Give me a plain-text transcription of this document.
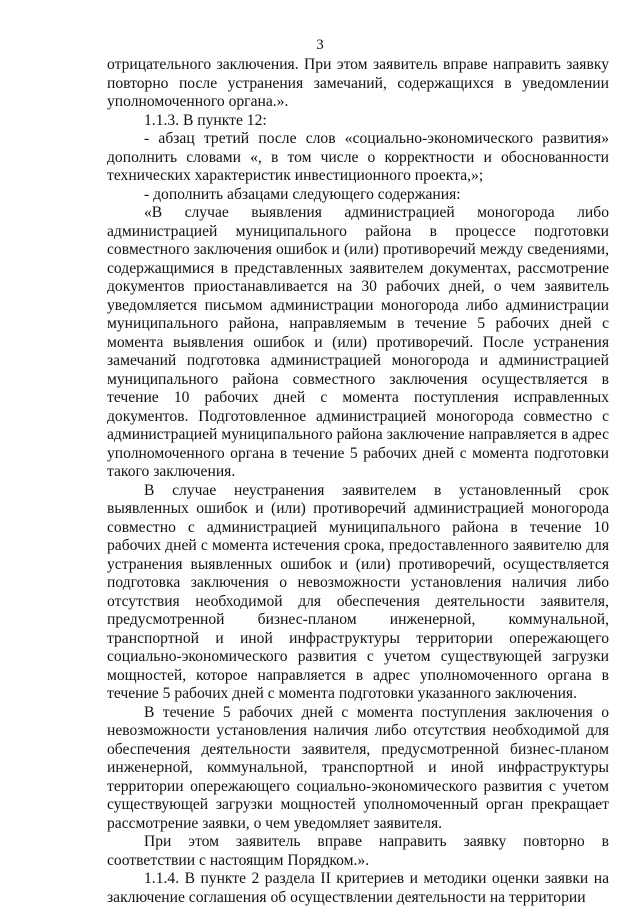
3

отрицательного заключения. При этом заявитель вправе направить заявку повторно после устранения замечаний, содержащихся в уведомлении уполномоченного органа.».

1.1.3. В пункте 12:

- абзац третий после слов «социально-экономического развития» дополнить словами «, в том числе о корректности и обоснованности технических характеристик инвестиционного проекта,»;

- дополнить абзацами следующего содержания:

«В случае выявления администрацией моногорода либо администрацией муниципального района в процессе подготовки совместного заключения ошибок и (или) противоречий между сведениями, содержащимися в представленных заявителем документах, рассмотрение документов приостанавливается на 30 рабочих дней, о чем заявитель уведомляется письмом администрации моногорода либо администрации муниципального района, направляемым в течение 5 рабочих дней с момента выявления ошибок и (или) противоречий. После устранения замечаний подготовка администрацией моногорода и администрацией муниципального района совместного заключения осуществляется в течение 10 рабочих дней с момента поступления исправленных документов. Подготовленное администрацией моногорода совместно с администрацией муниципального района заключение направляется в адрес уполномоченного органа в течение 5 рабочих дней с момента подготовки такого заключения.

В случае неустранения заявителем в установленный срок выявленных ошибок и (или) противоречий администрацией моногорода совместно с администрацией муниципального района в течение 10 рабочих дней с момента истечения срока, предоставленного заявителю для устранения выявленных ошибок и (или) противоречий, осуществляется подготовка заключения о невозможности установления наличия либо отсутствия необходимой для обеспечения деятельности заявителя, предусмотренной бизнес-планом инженерной, коммунальной, транспортной и иной инфраструктуры территории опережающего социально-экономического развития с учетом существующей загрузки мощностей, которое направляется в адрес уполномоченного органа в течение 5 рабочих дней с момента подготовки указанного заключения.

В течение 5 рабочих дней с момента поступления заключения о невозможности установления наличия либо отсутствия необходимой для обеспечения деятельности заявителя, предусмотренной бизнес-планом инженерной, коммунальной, транспортной и иной инфраструктуры территории опережающего социально-экономического развития с учетом существующей загрузки мощностей уполномоченный орган прекращает рассмотрение заявки, о чем уведомляет заявителя.

При этом заявитель вправе направить заявку повторно в соответствии с настоящим Порядком.».

1.1.4. В пункте 2 раздела II критериев и методики оценки заявки на заключение соглашения об осуществлении деятельности на территории
